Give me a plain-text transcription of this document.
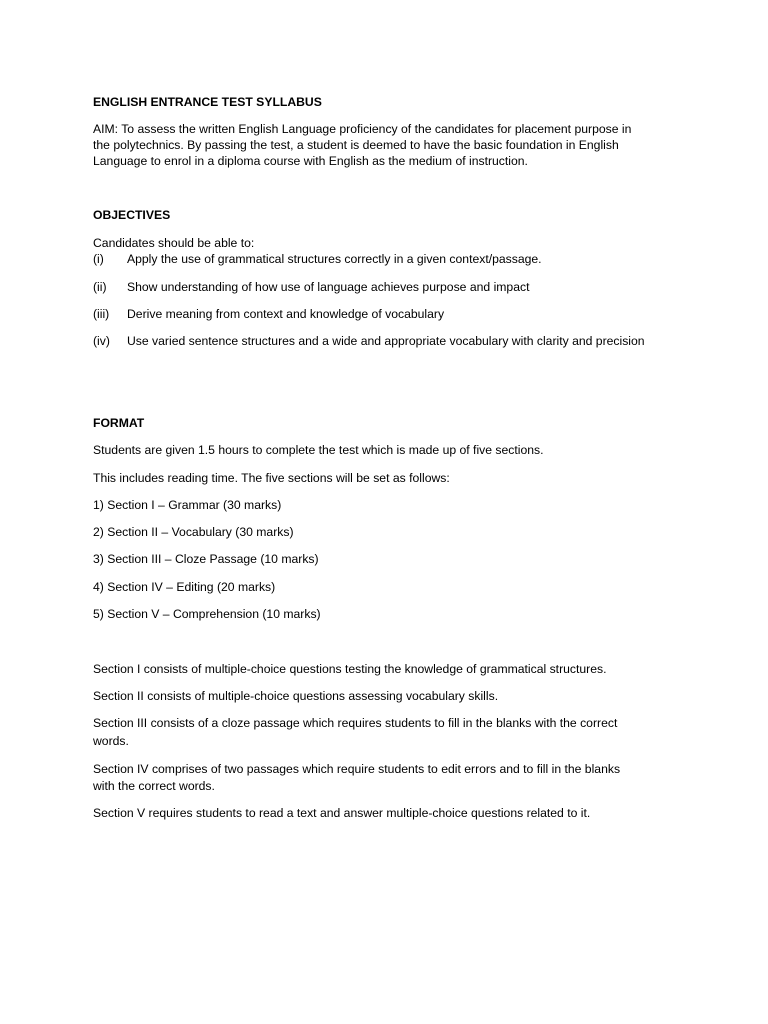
ENGLISH ENTRANCE TEST SYLLABUS
AIM: To assess the written English Language proficiency of the candidates for placement purpose in
the polytechnics. By passing the test, a student is deemed to have the basic foundation in English
Language to enrol in a diploma course with English as the medium of instruction.
OBJECTIVES
Candidates should be able to:
(i) Apply the use of grammatical structures correctly in a given context/passage.
(ii) Show understanding of how use of language achieves purpose and impact
(iii) Derive meaning from context and knowledge of vocabulary
(iv) Use varied sentence structures and a wide and appropriate vocabulary with clarity and precision
FORMAT
Students are given 1.5 hours to complete the test which is made up of five sections.
This includes reading time. The five sections will be set as follows:
1) Section I – Grammar (30 marks)
2) Section II – Vocabulary (30 marks)
3) Section III – Cloze Passage (10 marks)
4) Section IV – Editing (20 marks)
5) Section V – Comprehension (10 marks)
Section I consists of multiple-choice questions testing the knowledge of grammatical structures.
Section II consists of multiple-choice questions assessing vocabulary skills.
Section III consists of a cloze passage which requires students to fill in the blanks with the correct
words.
Section IV comprises of two passages which require students to edit errors and to fill in the blanks
with the correct words.
Section V requires students to read a text and answer multiple-choice questions related to it.
